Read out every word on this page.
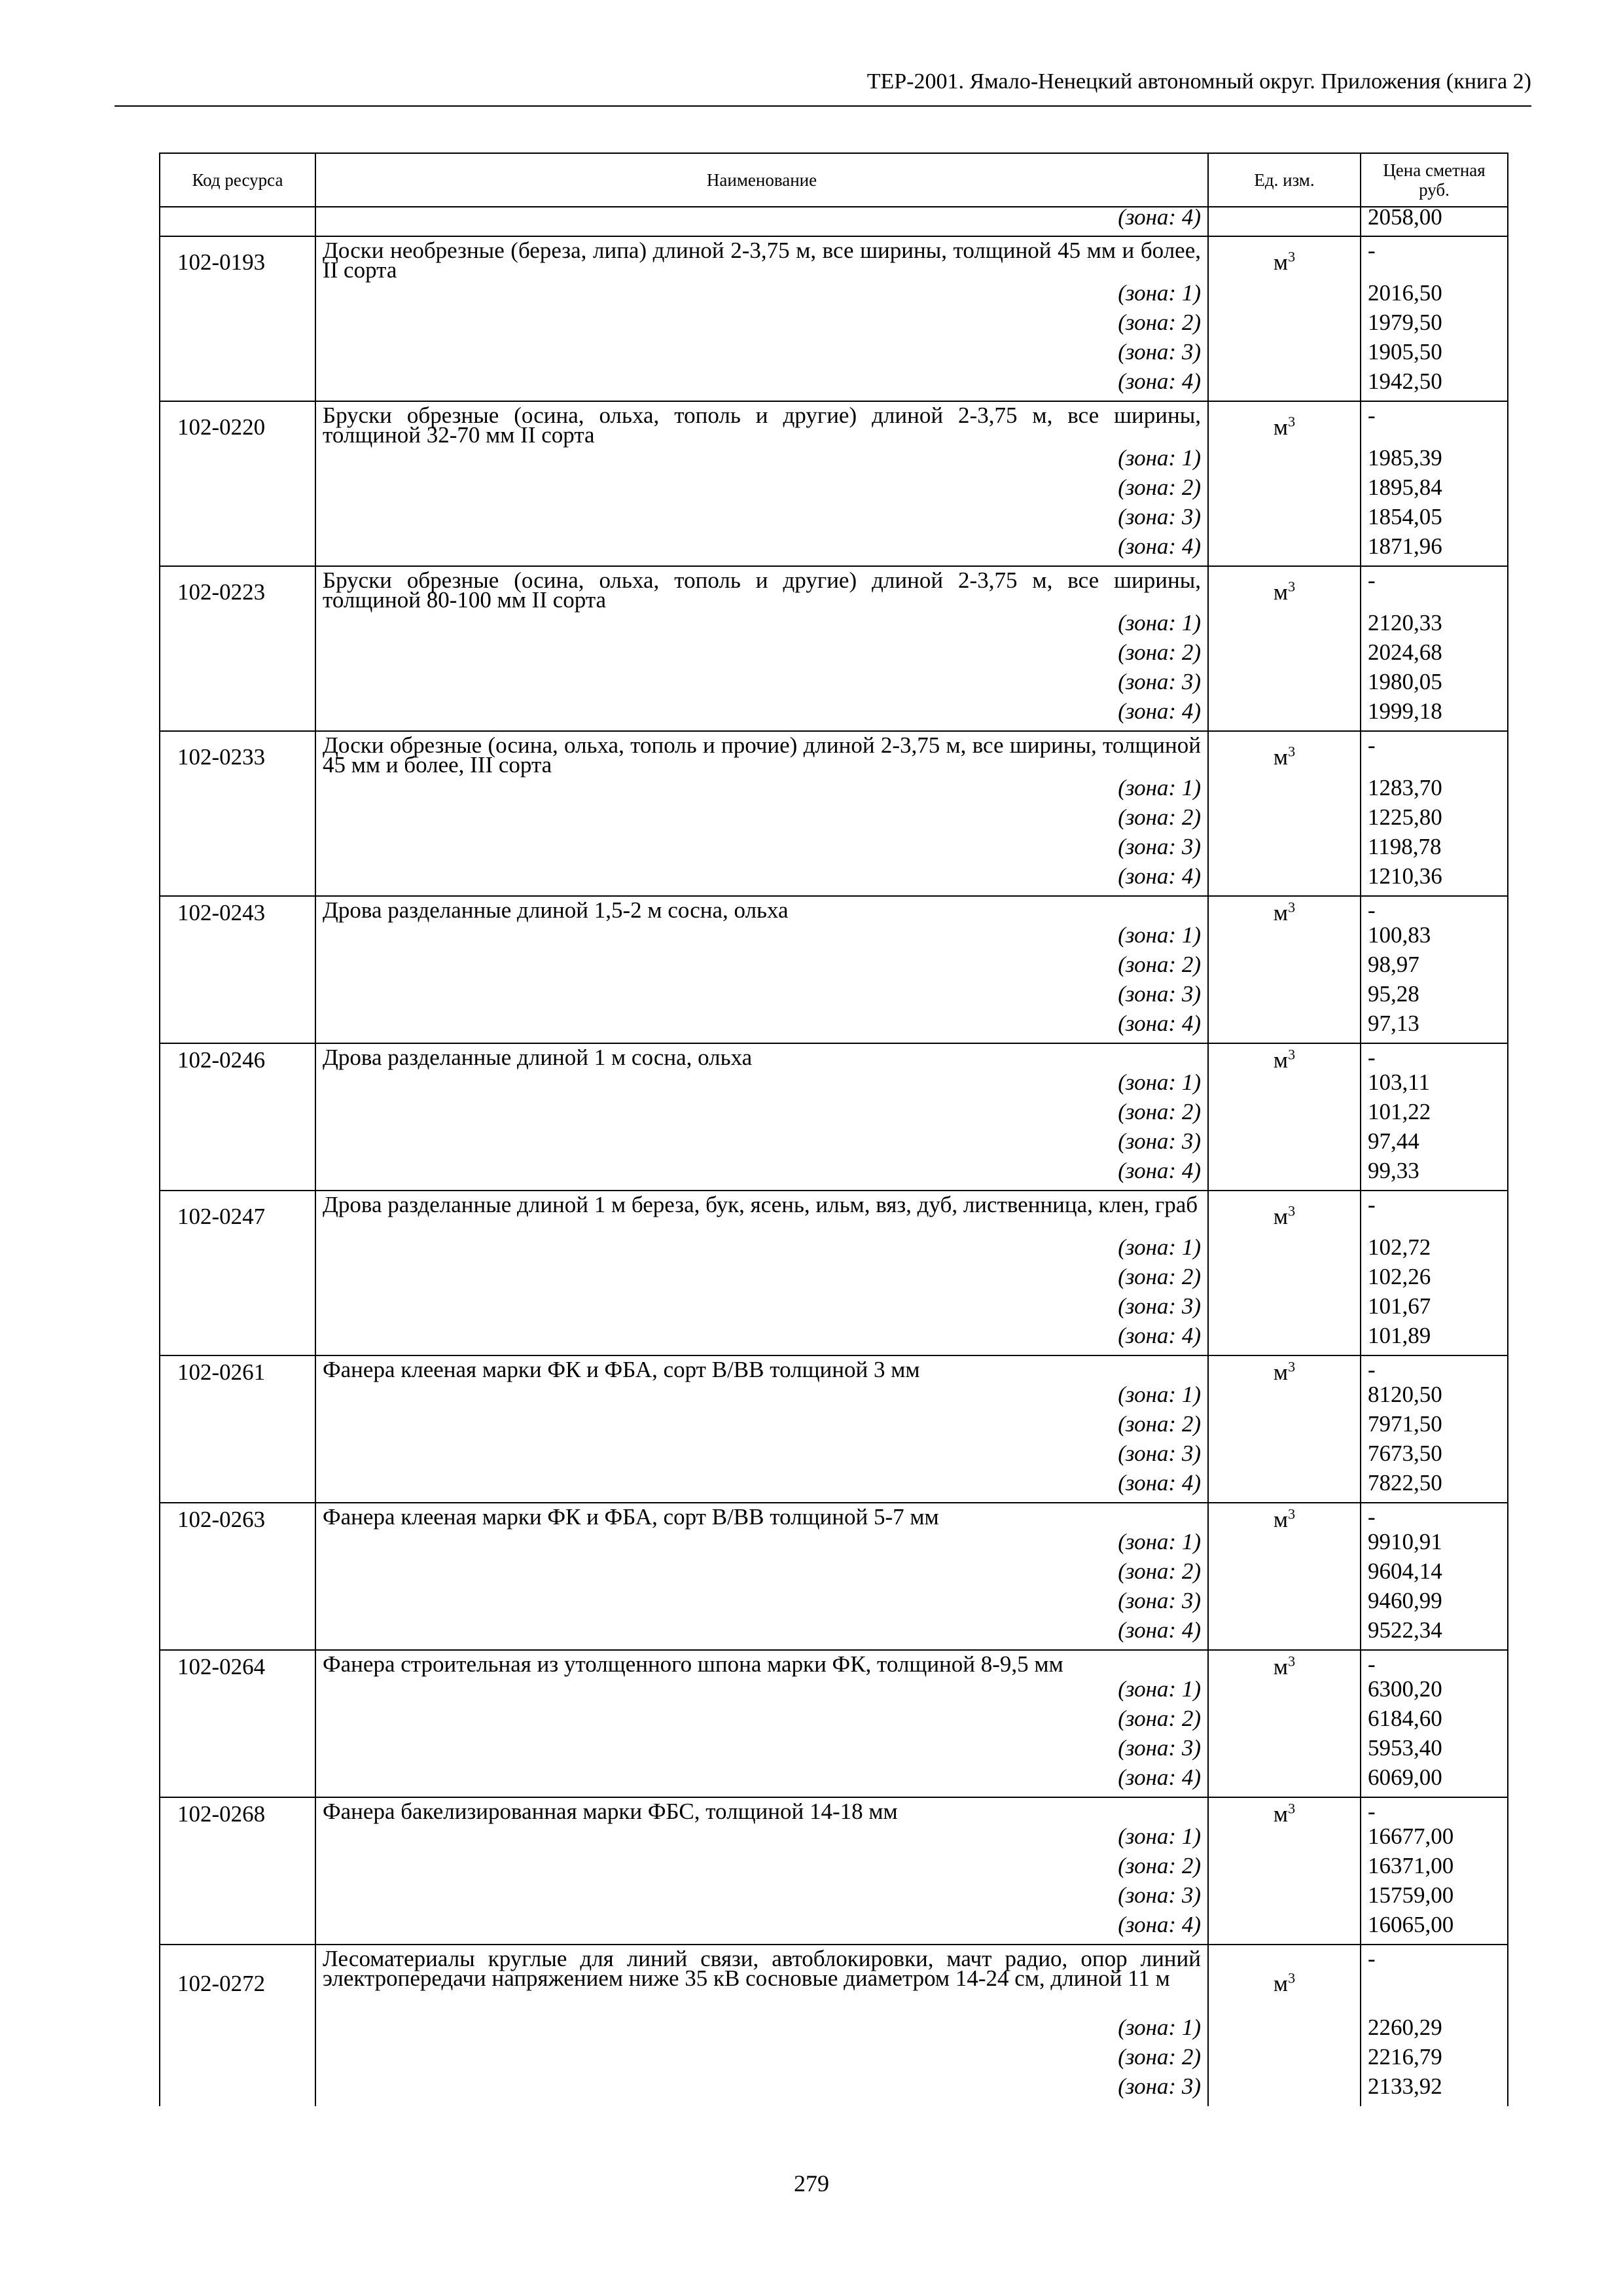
ТЕР-2001. Ямало-Ненецкий автономный округ. Приложения (книга 2)
Код ресурса	Наименование	Ед. изм.	Цена сметная руб.
	(зона: 4)		2058,00
102-0193	Доски необрезные (береза, липа) длиной 2-3,75 м, все ширины, толщиной 45 мм и более, II сорта	$м^3$	-
	(зона: 1)		2016,50
	(зона: 2)		1979,50
	(зона: 3)		1905,50
	(зона: 4)		1942,50
102-0220	Бруски обрезные (осина, ольха, тополь и другие) длиной 2-3,75 м, все ширины, толщиной 32-70 мм II сорта	$м^3$	-
	(зона: 1)		1985,39
	(зона: 2)		1895,84
	(зона: 3)		1854,05
	(зона: 4)		1871,96
102-0223	Бруски обрезные (осина, ольха, тополь и другие) длиной 2-3,75 м, все ширины, толщиной 80-100 мм II сорта	$м^3$	-
	(зона: 1)		2120,33
	(зона: 2)		2024,68
	(зона: 3)		1980,05
	(зона: 4)		1999,18
102-0233	Доски обрезные (осина, ольха, тополь и прочие) длиной 2-3,75 м, все ширины, толщиной 45 мм и более, III сорта	$м^3$	-
	(зона: 1)		1283,70
	(зона: 2)		1225,80
	(зона: 3)		1198,78
	(зона: 4)		1210,36
102-0243	Дрова разделанные длиной 1,5-2 м сосна, ольха	$м^3$	-
	(зона: 1)		100,83
	(зона: 2)		98,97
	(зона: 3)		95,28
	(зона: 4)		97,13
102-0246	Дрова разделанные длиной 1 м сосна, ольха	$м^3$	-
	(зона: 1)		103,11
	(зона: 2)		101,22
	(зона: 3)		97,44
	(зона: 4)		99,33
102-0247	Дрова разделанные длиной 1 м береза, бук, ясень, ильм, вяз, дуб, лиственница, клен, граб	$м^3$	-
	(зона: 1)		102,72
	(зона: 2)		102,26
	(зона: 3)		101,67
	(зона: 4)		101,89
102-0261	Фанера клееная марки ФК и ФБА, сорт В/ВВ толщиной 3 мм	$м^3$	-
	(зона: 1)		8120,50
	(зона: 2)		7971,50
	(зона: 3)		7673,50
	(зона: 4)		7822,50
102-0263	Фанера клееная марки ФК и ФБА, сорт В/ВВ толщиной 5-7 мм	$м^3$	-
	(зона: 1)		9910,91
	(зона: 2)		9604,14
	(зона: 3)		9460,99
	(зона: 4)		9522,34
102-0264	Фанера строительная из утолщенного шпона марки ФК, толщиной 8-9,5 мм	$м^3$	-
	(зона: 1)		6300,20
	(зона: 2)		6184,60
	(зона: 3)		5953,40
	(зона: 4)		6069,00
102-0268	Фанера бакелизированная марки ФБС, толщиной 14-18 мм	$м^3$	-
	(зона: 1)		16677,00
	(зона: 2)		16371,00
	(зона: 3)		15759,00
	(зона: 4)		16065,00
102-0272	Лесоматериалы круглые для линий связи, автоблокировки, мачт радио, опор линий электропередачи напряжением ниже 35 кВ сосновые диаметром 14-24 см, длиной 11 м	$м^3$	-
	(зона: 1)		2260,29
	(зона: 2)		2216,79
	(зона: 3)		2133,92
279
